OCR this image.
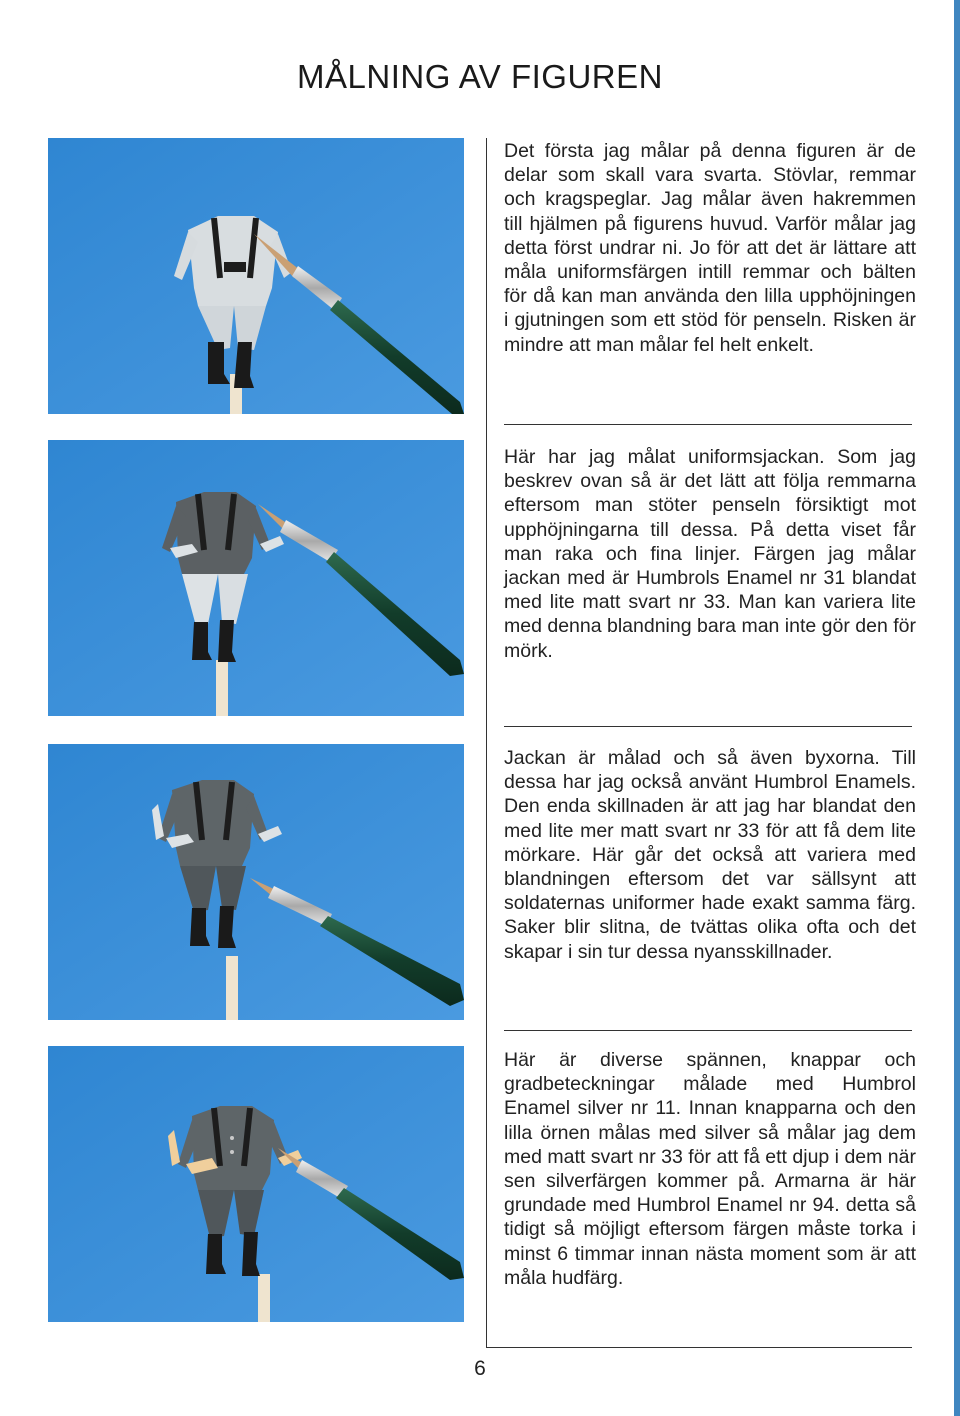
MÅLNING AV FIGUREN

Det första jag målar på denna figuren är de delar som skall vara svarta. Stövlar, remmar och kragspeglar. Jag målar även hakremmen till hjälmen på figurens huvud. Varför målar jag detta först undrar ni. Jo för att det är lättare att måla uniformsfärgen intill remmar och bälten för då kan man använda den lilla upphöjningen i gjutningen som ett stöd för penseln. Risken är mindre att man målar fel helt enkelt.

Här har jag målat uniformsjackan. Som jag beskrev ovan så är det lätt att följa remmarna eftersom man stöter penseln försiktigt mot upphöjningarna till dessa. På detta viset får man raka och fina linjer. Färgen jag målar jackan med är Humbrols Enamel nr 31 blandat med lite matt svart nr 33. Man kan variera lite med denna blandning bara man inte gör den för mörk.

Jackan är målad och så även byxorna. Till dessa har jag också använt Humbrol Enamels. Den enda skillnaden är att jag har blandat den med lite mer matt svart nr 33 för att få dem lite mörkare. Här går det också att variera med blandningen eftersom det var sällsynt att soldaternas uniformer hade exakt samma färg. Saker blir slitna, de tvättas olika ofta och det skapar i sin tur dessa nyansskillnader.

Här är diverse spännen, knappar och gradbeteckningar målade med Humbrol Enamel silver nr 11. Innan knapparna och den lilla örnen målas med silver så målar jag dem med matt svart nr 33 för att få ett djup i dem när sen silverfärgen kommer på. Armarna är här grundade med Humbrol Enamel nr 94. detta så tidigt så möjligt eftersom färgen måste torka i minst 6 timmar innan nästa moment som är att måla hudfärg.

6
